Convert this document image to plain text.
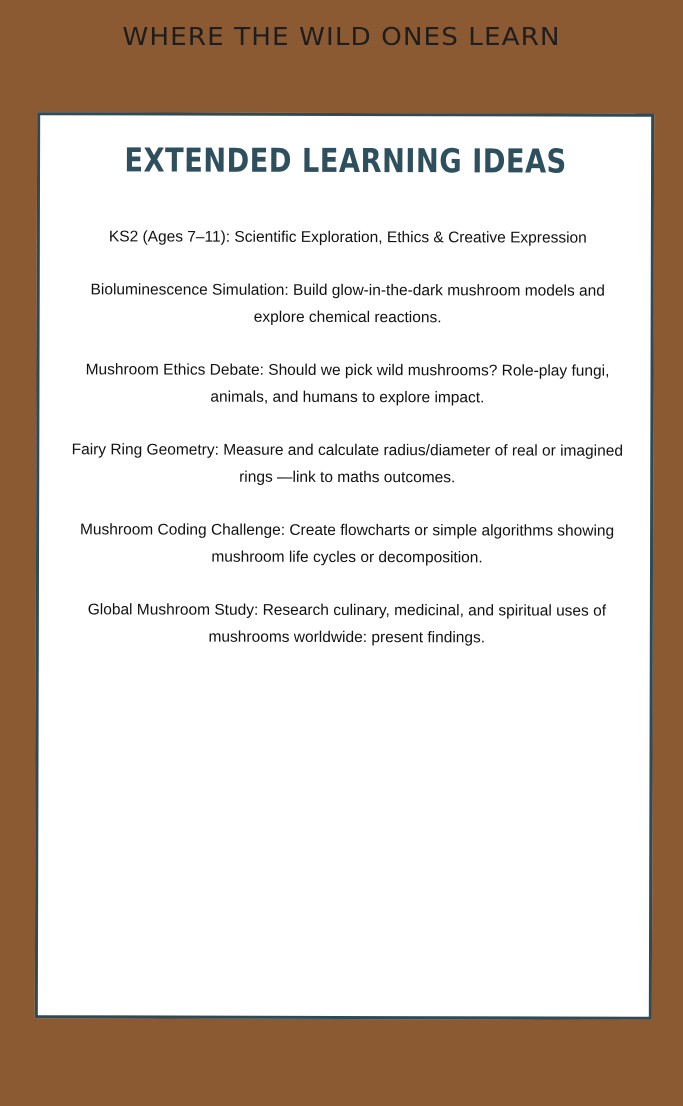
WHERE THE WILD ONES LEARN
EXTENDED LEARNING IDEAS

KS2 (Ages 7–11): Scientific Exploration, Ethics & Creative Expression

Bioluminescence Simulation: Build glow-in-the-dark mushroom models and explore chemical reactions.

Mushroom Ethics Debate: Should we pick wild mushrooms? Role-play fungi, animals, and humans to explore impact.

Fairy Ring Geometry: Measure and calculate radius/diameter of real or imagined rings —link to maths outcomes.

Mushroom Coding Challenge: Create flowcharts or simple algorithms showing mushroom life cycles or decomposition.

Global Mushroom Study: Research culinary, medicinal, and spiritual uses of mushrooms worldwide: present findings.
